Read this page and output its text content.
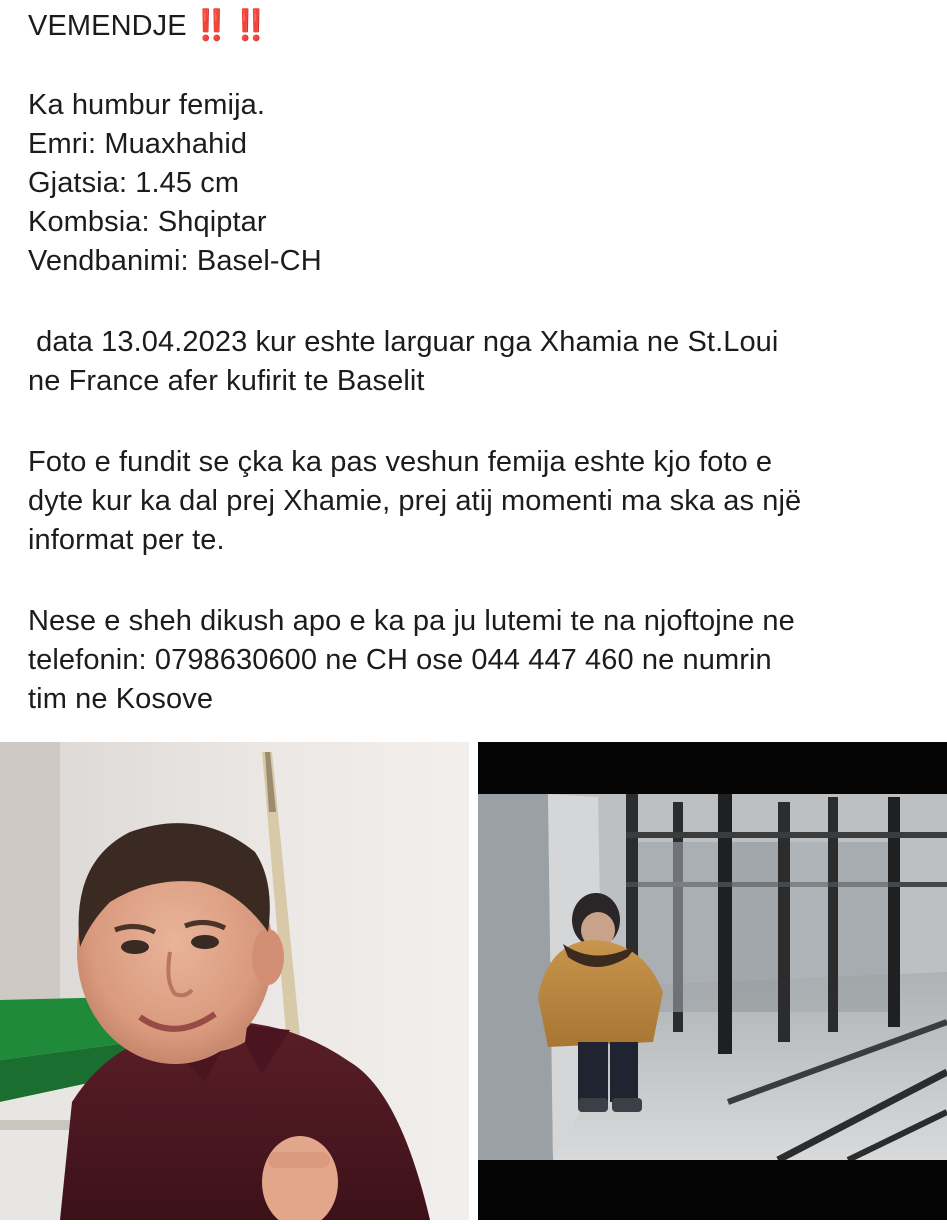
VEMENDJE ‼️ ‼️

Ka humbur femija.

Emri: Muaxhahid

Gjatsia: 1.45 cm

Kombsia: Shqiptar

Vendbanimi: Basel-CH

data 13.04.2023 kur eshte larguar nga Xhamia ne St.Loui

ne France afer kufirit te Baselit

Foto e fundit se çka ka pas veshun femija eshte kjo foto e

dyte kur ka dal prej Xhamie, prej atij momenti ma ska as një

informat per te.

Nese e sheh dikush apo e ka pa ju lutemi te na njoftojne ne

telefonin: 0798630600 ne CH ose 044 447 460 ne numrin

tim ne Kosove
